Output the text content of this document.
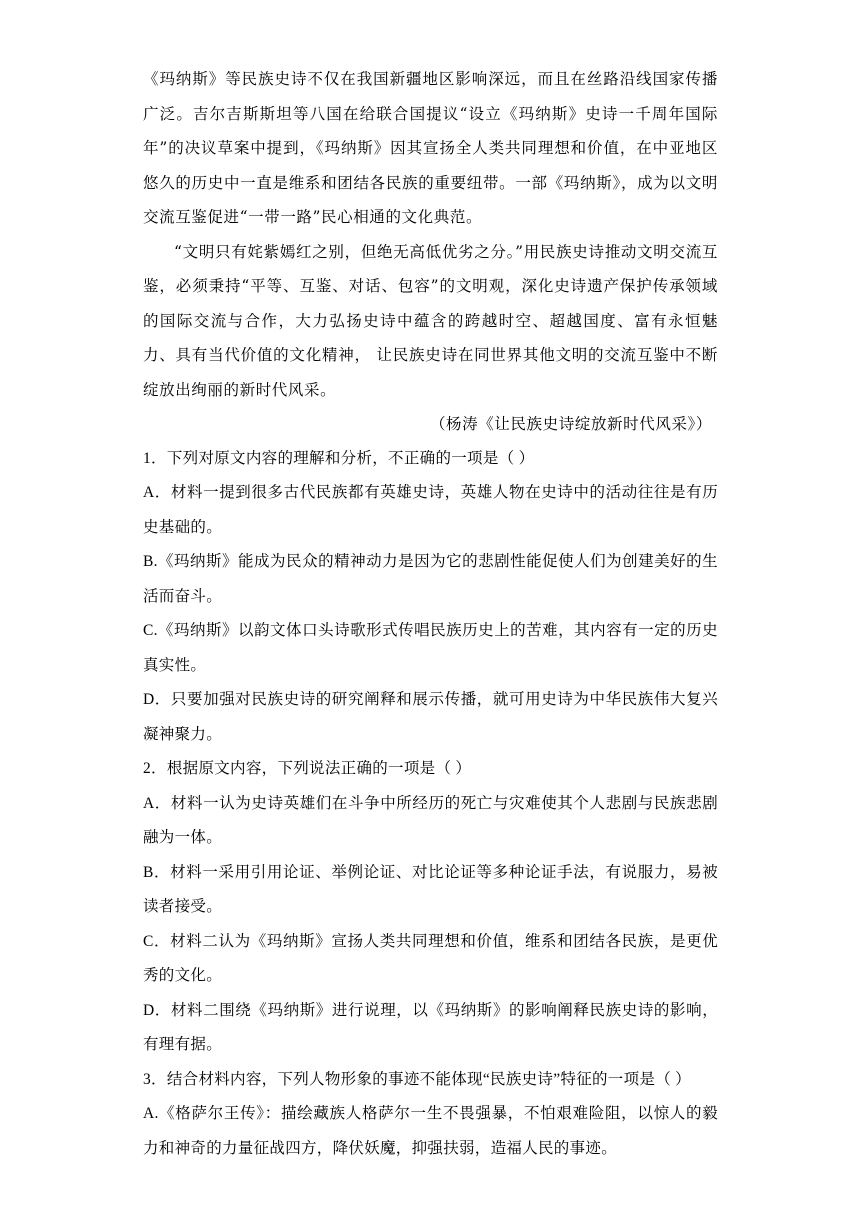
《玛纳斯》等民族史诗不仅在我国新疆地区影响深远，而且在丝路沿线国家传播广泛。吉尔吉斯斯坦等八国在给联合国提议“设立《玛纳斯》史诗一千周年国际年”的决议草案中提到，《玛纳斯》因其宣扬全人类共同理想和价值，在中亚地区悠久的历史中一直是维系和团结各民族的重要纽带。一部《玛纳斯》，成为以文明交流互鉴促进“一带一路”民心相通的文化典范。

“文明只有姹紫嫣红之别，但绝无高低优劣之分。”用民族史诗推动文明交流互鉴，必须秉持“平等、互鉴、对话、包容”的文明观，深化史诗遗产保护传承领域的国际交流与合作，大力弘扬史诗中蕴含的跨越时空、超越国度、富有永恒魅力、具有当代价值的文化精神， 让民族史诗在同世界其他文明的交流互鉴中不断绽放出绚丽的新时代风采。

（杨涛《让民族史诗绽放新时代风采》）

1．下列对原文内容的理解和分析，不正确的一项是（ ）

A．材料一提到很多古代民族都有英雄史诗，英雄人物在史诗中的活动往往是有历史基础的。

B.《玛纳斯》能成为民众的精神动力是因为它的悲剧性能促使人们为创建美好的生活而奋斗。

C.《玛纳斯》以韵文体口头诗歌形式传唱民族历史上的苦难，其内容有一定的历史真实性。

D．只要加强对民族史诗的研究阐释和展示传播，就可用史诗为中华民族伟大复兴凝神聚力。

2．根据原文内容，下列说法正确的一项是（ ）

A．材料一认为史诗英雄们在斗争中所经历的死亡与灾难使其个人悲剧与民族悲剧融为一体。

B．材料一采用引用论证、举例论证、对比论证等多种论证手法，有说服力，易被读者接受。

C．材料二认为《玛纳斯》宣扬人类共同理想和价值，维系和团结各民族，是更优秀的文化。

D．材料二围绕《玛纳斯》进行说理，以《玛纳斯》的影响阐释民族史诗的影响，有理有据。

3．结合材料内容，下列人物形象的事迹不能体现“民族史诗”特征的一项是（ ）

A.《格萨尔王传》：描绘藏族人格萨尔一生不畏强暴，不怕艰难险阻，以惊人的毅力和神奇的力量征战四方，降伏妖魔，抑强扶弱，造福人民的事迹。
